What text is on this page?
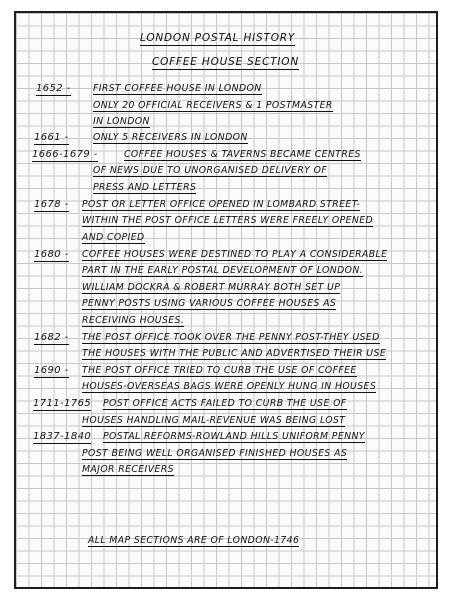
LONDON POSTAL HISTORY
COFFEE HOUSE SECTION
1652 - FIRST COFFEE HOUSE IN LONDON
ONLY 20 OFFICIAL RECEIVERS & 1 POSTMASTER
IN LONDON
1661 -	ONLY 5 RECEIVERS IN LONDON
1666-1679 -	COFFEE HOUSES & TAVERNS BECAME CENTRES
OF NEWS DUE TO UNORGANISED DELIVERY OF
PRESS AND LETTERS
1678 - POST OR LETTER OFFICE OPENED IN LOMBARD STREET-
WITHIN THE POST OFFICE LETTERS WERE FREELY OPENED
AND COPIED
1680 - COFFEE HOUSES WERE DESTINED TO PLAY A CONSIDERABLE
PART IN THE EARLY POSTAL DEVELOPMENT OF LONDON.
WILLIAM DOCKRA & ROBERT MURRAY BOTH SET UP
PENNY POSTS USING VARIOUS COFFEE HOUSES AS
RECEIVING HOUSES.
1682 - THE POST OFFICE TOOK OVER THE PENNY POST-THEY USED
THE HOUSES WITH THE PUBLIC AND ADVERTISED THEIR USE
1690 - THE POST OFFICE TRIED TO CURB THE USE OF COFFEE
HOUSES-OVERSEAS BAGS WERE OPENLY HUNG IN HOUSES
1711-1765 POST OFFICE ACTS FAILED TO CURB THE USE OF
HOUSES HANDLING MAIL-REVENUE WAS BEING LOST
1837-1840 POSTAL REFORMS-ROWLAND HILLS UNIFORM PENNY
POST BEING WELL ORGANISED FINISHED HOUSES AS
MAJOR RECEIVERS
ALL MAP SECTIONS ARE OF LONDON-1746
